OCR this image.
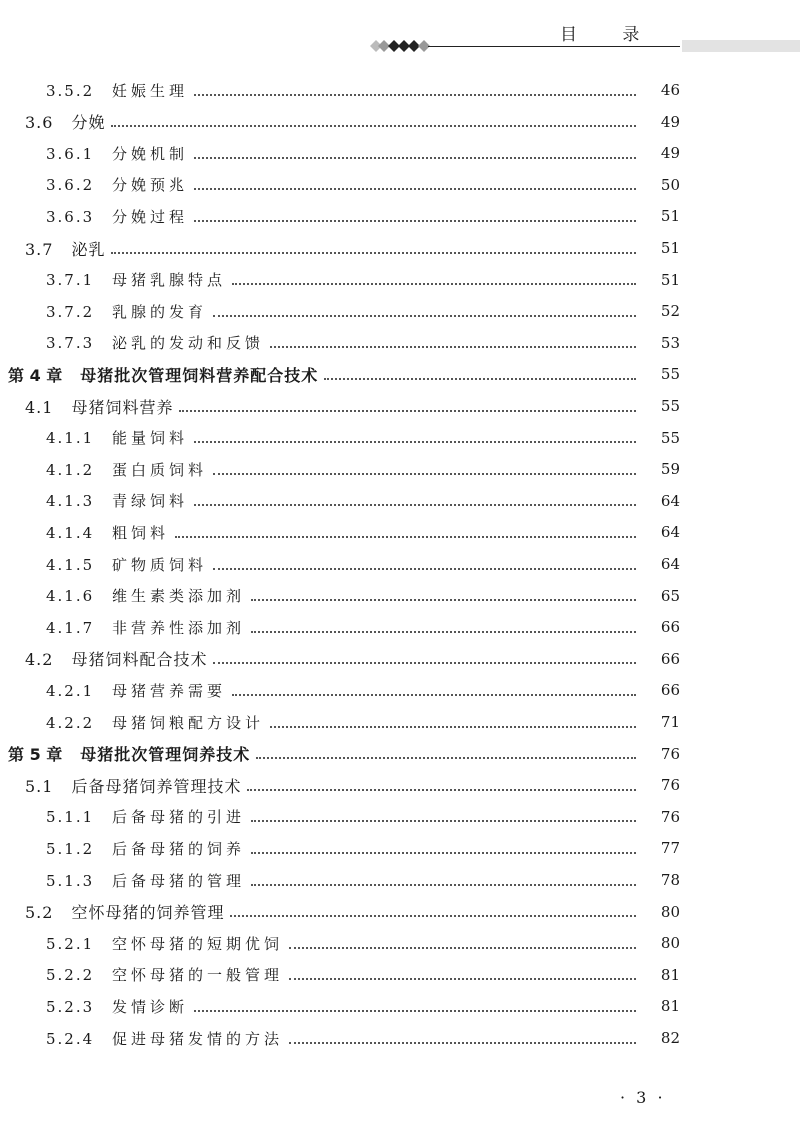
目 录
3.5.2 妊娠生理	46
3.6 分娩	49
3.6.1 分娩机制	49
3.6.2 分娩预兆	50
3.6.3 分娩过程	51
3.7 泌乳	51
3.7.1 母猪乳腺特点	51
3.7.2 乳腺的发育	52
3.7.3 泌乳的发动和反馈	53
第 4 章 母猪批次管理饲料营养配合技术	55
4.1 母猪饲料营养	55
4.1.1 能量饲料	55
4.1.2 蛋白质饲料	59
4.1.3 青绿饲料	64
4.1.4 粗饲料	64
4.1.5 矿物质饲料	64
4.1.6 维生素类添加剂	65
4.1.7 非营养性添加剂	66
4.2 母猪饲料配合技术	66
4.2.1 母猪营养需要	66
4.2.2 母猪饲粮配方设计	71
第 5 章 母猪批次管理饲养技术	76
5.1 后备母猪饲养管理技术	76
5.1.1 后备母猪的引进	76
5.1.2 后备母猪的饲养	77
5.1.3 后备母猪的管理	78
5.2 空怀母猪的饲养管理	80
5.2.1 空怀母猪的短期优饲	80
5.2.2 空怀母猪的一般管理	81
5.2.3 发情诊断	81
5.2.4 促进母猪发情的方法	82
· 3 ·
